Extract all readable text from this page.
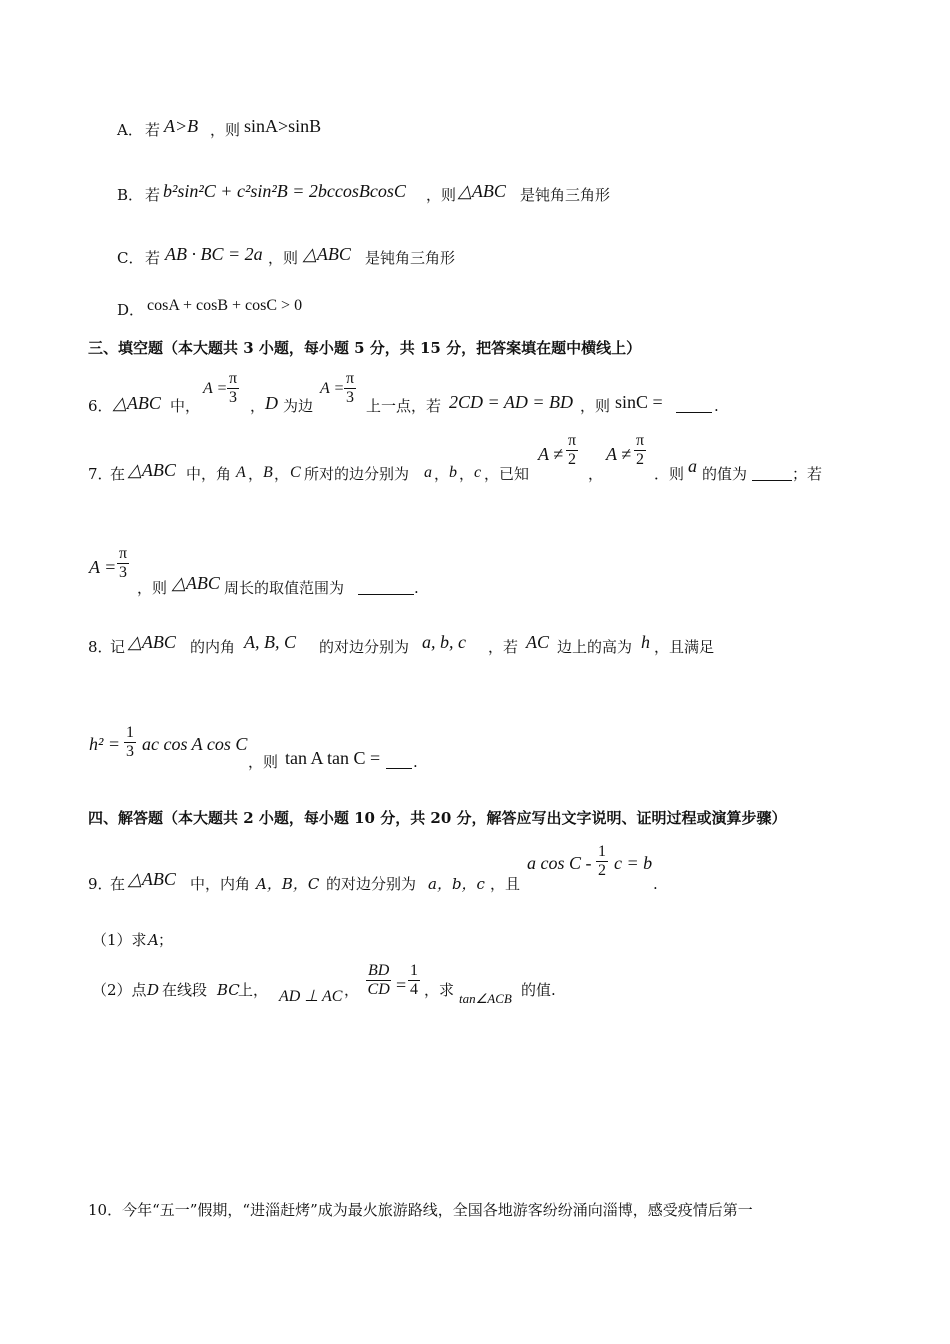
A． 若 A>B ，则 sinA>sinB
B． 若 b²sin²C + c²sin²B = 2bccosBcosC ，则 △ABC 是钝角三角形
C． 若 AB · BC = 2a ，则 △ABC 是钝角三角形
D． cosA + cosB + cosC > 0
三、填空题（本大题共 3 小题，每小题 5 分，共 15 分，把答案填在题中横线上）
6． △ABC 中，
$A = \frac{\pi}{3}$ ， D 为边
$A = \frac{\pi}{3}$ 上一点，若 2CD = AD = BD ，则 sinC =	.
7．
在 △ABC 中，角 A ， B ， C 所对的边分别为 a ， b ， c ，已知
$A \ne \frac{\pi}{2}$
，
$A \ne \frac{\pi}{2}$
．则 a 的值为	；若
$A = \frac{\pi}{3}$
，则 △ABC 周长的取值范围为	.
8．
记 △ABC 的内角 A, B, C 的对边分别为 a, b, c ，若 AC 边上的高为 h ，且满足
$h^2 = \frac{1}{3}$ ac cos A cos C
，则 tan A tan C = .
四、解答题（本大题共 2 小题，每小题 10 分，共 20 分，解答应写出文字说明、证明过程或演算步骤）
9．
在 △ABC 中，内角 A，B，C 的对边分别为 a，b，c ，且
a cos C - $\frac{1}{2}$ c = b
.
（1）求 A ；
（2）点 D 在线段 BC
上， AD ⊥ AC ， $\frac{BD}{CD} = \frac{1}{4}$ ，求 tan∠ACB 的值.
10．今年“五一”假期，“进淄赶烤”成为最火旅游路线，全国各地游客纷纷涌向淄博，感受疫情后第一
